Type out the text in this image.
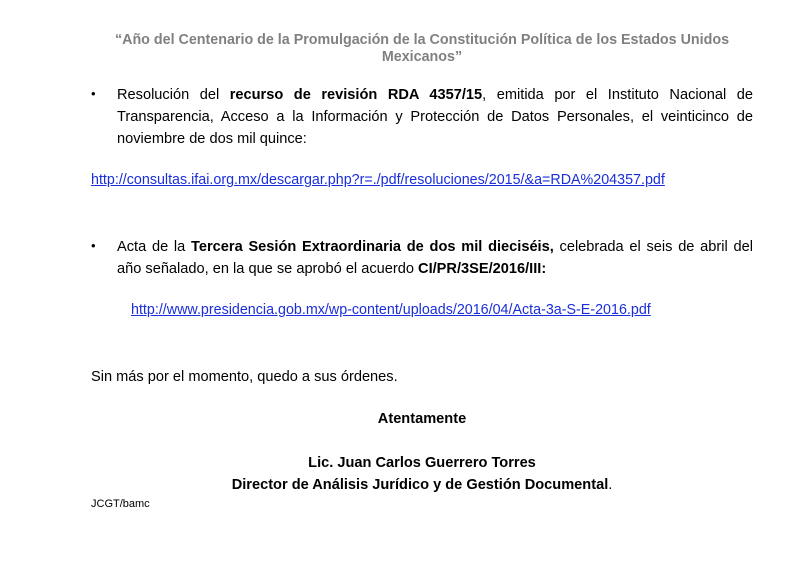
“Año del Centenario de la Promulgación de la Constitución Política de los Estados Unidos
Mexicanos”
• Resolución del recurso de revisión RDA 4357/15, emitida por el Instituto Nacional de Transparencia, Acceso a la Información y Protección de Datos Personales, el veinticinco de noviembre de dos mil quince:
http://consultas.ifai.org.mx/descargar.php?r=./pdf/resoluciones/2015/&a=RDA%204357.pdf
• Acta de la Tercera Sesión Extraordinaria de dos mil dieciséis, celebrada el seis de abril del año señalado, en la que se aprobó el acuerdo CI/PR/3SE/2016/III:
http://www.presidencia.gob.mx/wp-content/uploads/2016/04/Acta-3a-S-E-2016.pdf
Sin más por el momento, quedo a sus órdenes.
Atentamente
Lic. Juan Carlos Guerrero Torres
Director de Análisis Jurídico y de Gestión Documental.
JCGT/bamc
